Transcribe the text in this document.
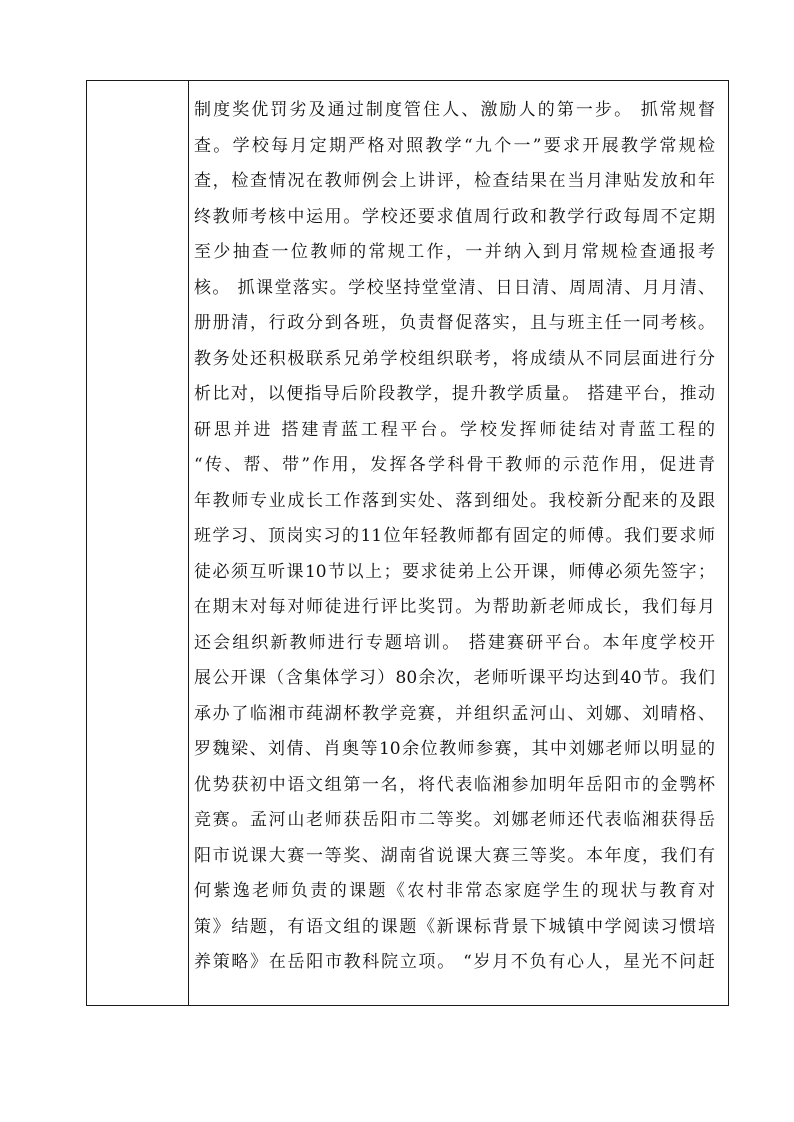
制度奖优罚劣及通过制度管住人、激励人的第一步。 抓常规督
查。学校每月定期严格对照教学“九个一”要求开展教学常规检
查，检查情况在教师例会上讲评，检查结果在当月津贴发放和年
终教师考核中运用。学校还要求值周行政和教学行政每周不定期
至少抽查一位教师的常规工作，一并纳入到月常规检查通报考
核。 抓课堂落实。学校坚持堂堂清、日日清、周周清、月月清、
册册清，行政分到各班，负责督促落实，且与班主任一同考核。
教务处还积极联系兄弟学校组织联考，将成绩从不同层面进行分
析比对，以便指导后阶段教学，提升教学质量。 搭建平台，推动
研思并进 搭建青蓝工程平台。学校发挥师徒结对青蓝工程的
“传、帮、带”作用，发挥各学科骨干教师的示范作用，促进青
年教师专业成长工作落到实处、落到细处。我校新分配来的及跟
班学习、顶岗实习的11位年轻教师都有固定的师傅。我们要求师
徒必须互听课10节以上；要求徒弟上公开课，师傅必须先签字；
在期末对每对师徒进行评比奖罚。为帮助新老师成长，我们每月
还会组织新教师进行专题培训。 搭建赛研平台。本年度学校开
展公开课（含集体学习）80余次，老师听课平均达到40节。我们
承办了临湘市莼湖杯教学竞赛，并组织孟河山、刘娜、刘晴格、
罗魏梁、刘倩、肖奥等10余位教师参赛，其中刘娜老师以明显的
优势获初中语文组第一名，将代表临湘参加明年岳阳市的金鹗杯
竞赛。孟河山老师获岳阳市二等奖。刘娜老师还代表临湘获得岳
阳市说课大赛一等奖、湖南省说课大赛三等奖。本年度，我们有
何紫逸老师负责的课题《农村非常态家庭学生的现状与教育对
策》结题，有语文组的课题《新课标背景下城镇中学阅读习惯培
养策略》在岳阳市教科院立项。 “岁月不负有心人，星光不问赶
